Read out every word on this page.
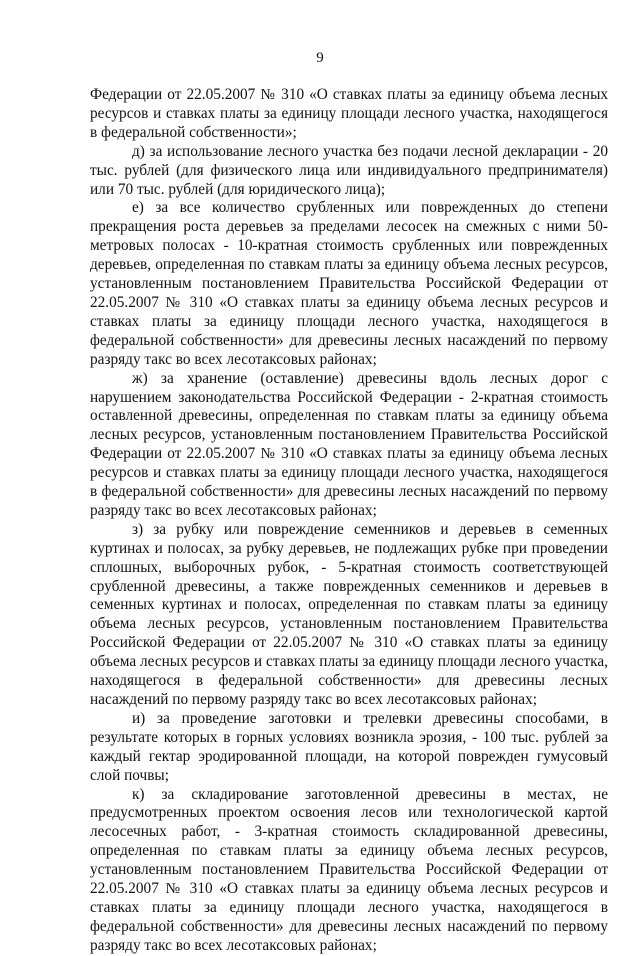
9

Федерации от 22.05.2007 № 310 «О ставках платы за единицу объема лесных ресурсов и ставках платы за единицу площади лесного участка, находящегося в федеральной собственности»;

д) за использование лесного участка без подачи лесной декларации - 20 тыс. рублей (для физического лица или индивидуального предпринимателя) или 70 тыс. рублей (для юридического лица);

е) за все количество срубленных или поврежденных до степени прекращения роста деревьев за пределами лесосек на смежных с ними 50-метровых полосах - 10-кратная стоимость срубленных или поврежденных деревьев, определенная по ставкам платы за единицу объема лесных ресурсов, установленным постановлением Правительства Российской Федерации от 22.05.2007 № 310 «О ставках платы за единицу объема лесных ресурсов и ставках платы за единицу площади лесного участка, находящегося в федеральной собственности» для древесины лесных насаждений по первому разряду такс во всех лесотаксовых районах;

ж) за хранение (оставление) древесины вдоль лесных дорог с нарушением законодательства Российской Федерации - 2-кратная стоимость оставленной древесины, определенная по ставкам платы за единицу объема лесных ресурсов, установленным постановлением Правительства Российской Федерации от 22.05.2007 № 310 «О ставках платы за единицу объема лесных ресурсов и ставках платы за единицу площади лесного участка, находящегося в федеральной собственности» для древесины лесных насаждений по первому разряду такс во всех лесотаксовых районах;

з) за рубку или повреждение семенников и деревьев в семенных куртинах и полосах, за рубку деревьев, не подлежащих рубке при проведении сплошных, выборочных рубок, - 5-кратная стоимость соответствующей срубленной древесины, а также поврежденных семенников и деревьев в семенных куртинах и полосах, определенная по ставкам платы за единицу объема лесных ресурсов, установленным постановлением Правительства Российской Федерации от 22.05.2007 № 310 «О ставках платы за единицу объема лесных ресурсов и ставках платы за единицу площади лесного участка, находящегося в федеральной собственности» для древесины лесных насаждений по первому разряду такс во всех лесотаксовых районах;

и) за проведение заготовки и трелевки древесины способами, в результате которых в горных условиях возникла эрозия, - 100 тыс. рублей за каждый гектар эродированной площади, на которой поврежден гумусовый слой почвы;

к) за складирование заготовленной древесины в местах, не предусмотренных проектом освоения лесов или технологической картой лесосечных работ, - 3-кратная стоимость складированной древесины, определенная по ставкам платы за единицу объема лесных ресурсов, установленным постановлением Правительства Российской Федерации от 22.05.2007 № 310 «О ставках платы за единицу объема лесных ресурсов и ставках платы за единицу площади лесного участка, находящегося в федеральной собственности» для древесины лесных насаждений по первому разряду такс во всех лесотаксовых районах;
